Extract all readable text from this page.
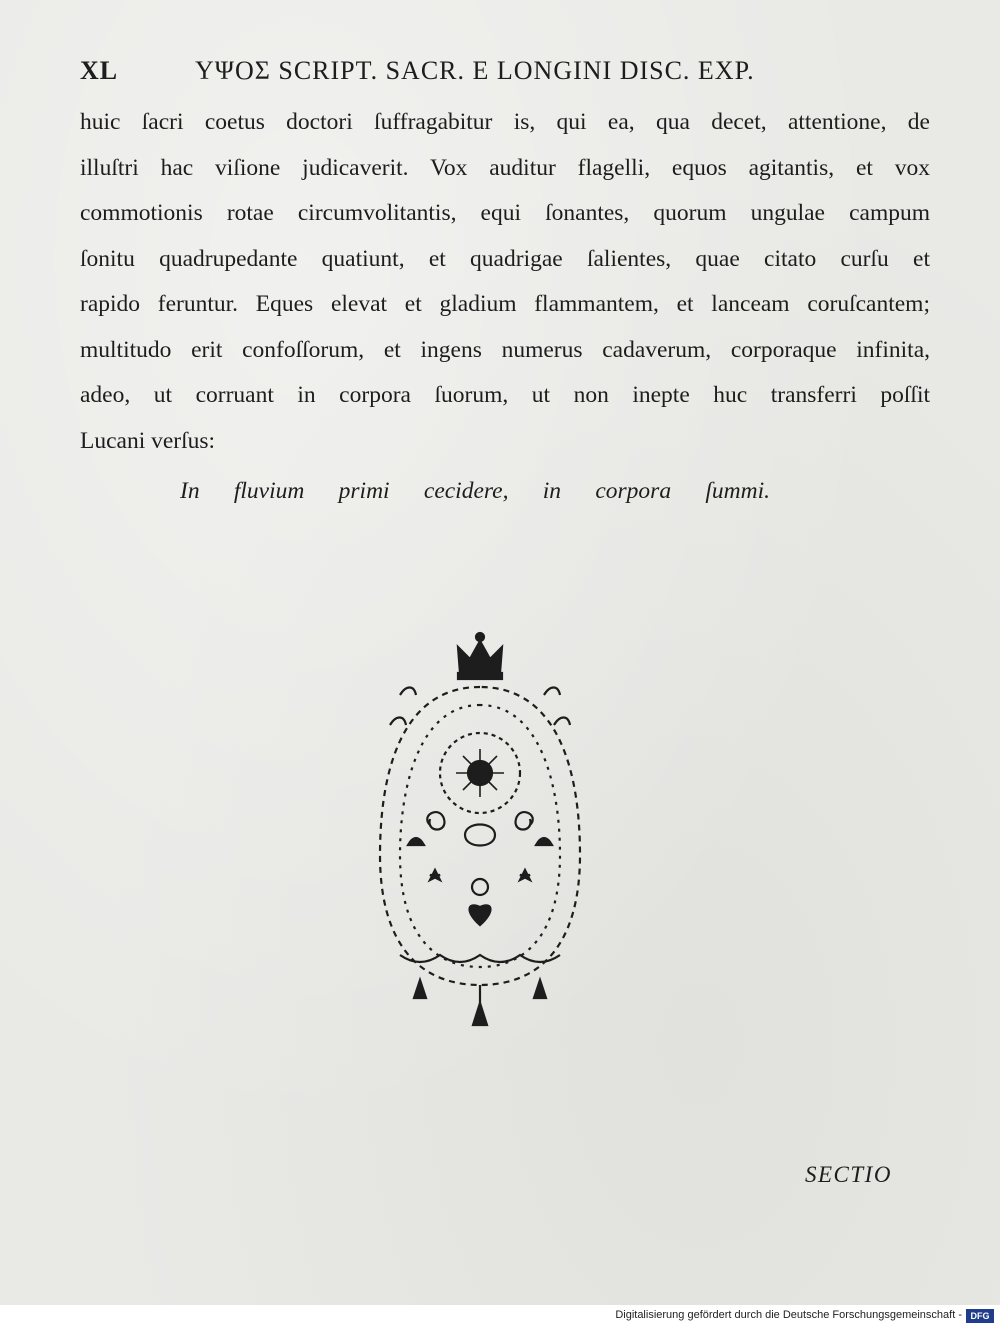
XL	ΥΨΟΣ SCRIPT. SACR. E LONGINI DISC. EXP.
huic ſacri coetus doctori ſuffragabitur is, qui ea, qua decet, attentione, de
illuſtri hac viſione judicaverit. Vox auditur flagelli, equos agitantis, et vox
commotionis rotae circumvolitantis, equi ſonantes, quorum ungulae campum
ſonitu quadrupedante quatiunt, et quadrigae ſalientes, quae citato curſu et
rapido feruntur. Eques elevat et gladium flammantem, et lanceam coruſcantem;
multitudo erit confoſſorum, et ingens numerus cadaverum, corporaque infinita,
adeo, ut corruant in corpora ſuorum, ut non inepte huc transferri poſſit
Lucani verſus:
In fluvium primi cecidere, in corpora ſummi.
SECTIO
Digitalisierung gefördert durch die Deutsche Forschungsgemeinschaft - DFG
